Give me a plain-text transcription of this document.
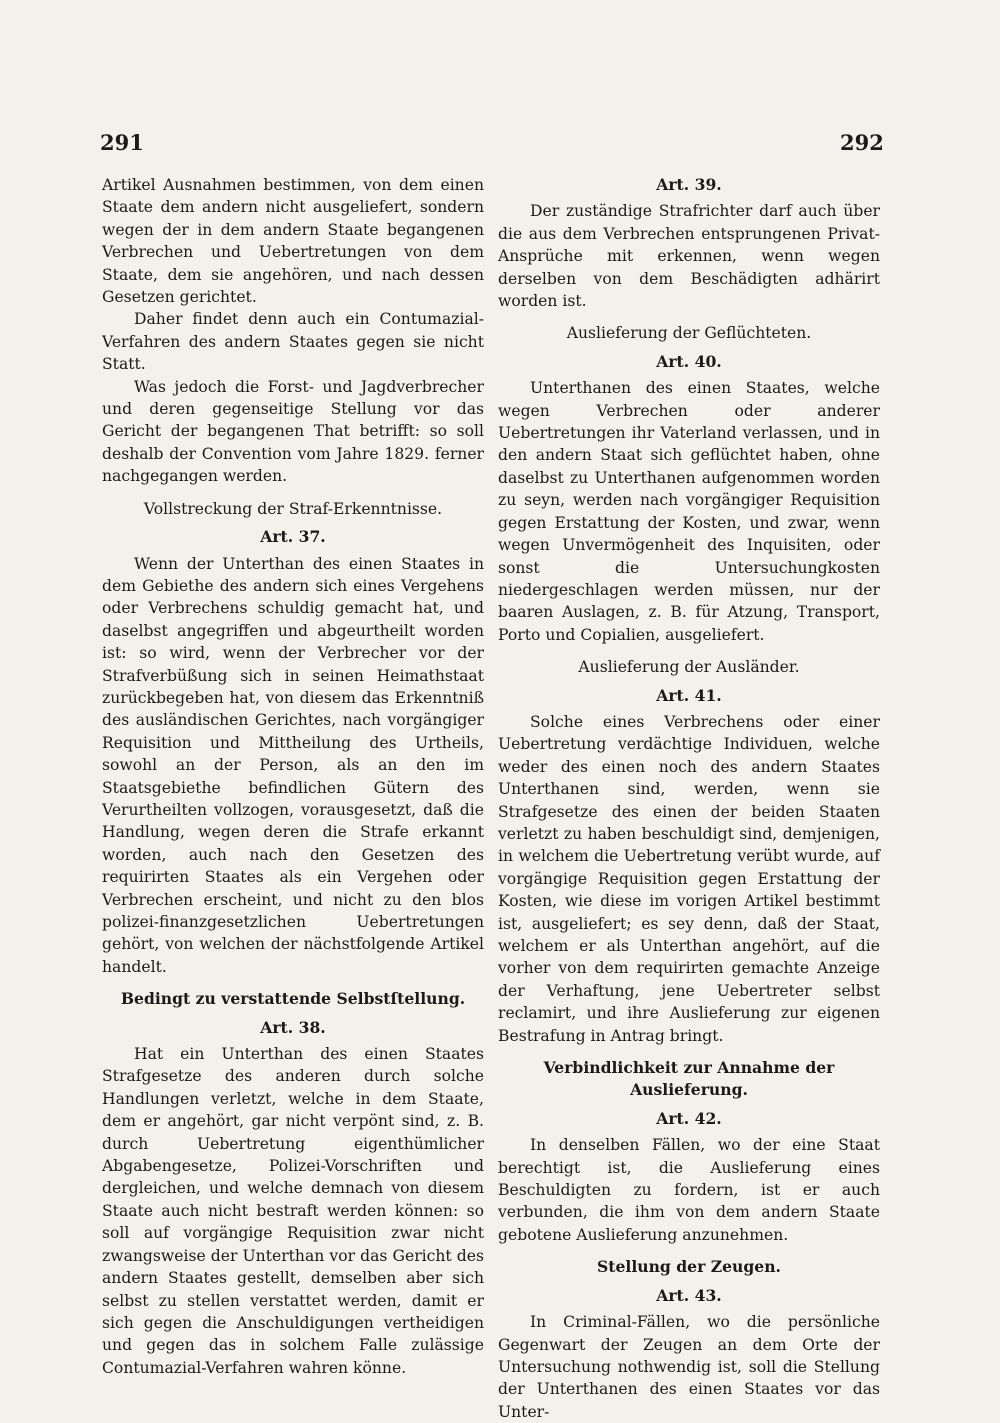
291	292

Artikel Ausnahmen bestimmen, von dem einen Staate dem andern nicht ausgeliefert, sondern wegen der in dem andern Staate begangenen Verbrechen und Uebertretungen von dem Staate, dem sie angehören, und nach dessen Gesetzen gerichtet.

Daher findet denn auch ein Contumazial-Verfahren des andern Staates gegen sie nicht Statt.

Was jedoch die Forst- und Jagdverbrecher und deren gegenseitige Stellung vor das Gericht der begangenen That betrifft: so soll deshalb der Convention vom Jahre 1829. ferner nachgegangen werden.

Vollstreckung der Straf-Erkenntnisse.
Art. 37.

Wenn der Unterthan des einen Staates in dem Gebiethe des andern sich eines Vergehens oder Verbrechens schuldig gemacht hat, und daselbst angegriffen und abgeurtheilt worden ist: so wird, wenn der Verbrecher vor der Strafverbüßung sich in seinen Heimathstaat zurückbegeben hat, von diesem das Erkenntniß des ausländischen Gerichtes, nach vorgängiger Requisition und Mittheilung des Urtheils, sowohl an der Person, als an den im Staatsgebiethe befindlichen Gütern des Verurtheilten vollzogen, vorausgesetzt, daß die Handlung, wegen deren die Strafe erkannt worden, auch nach den Gesetzen des requirirten Staates als ein Vergehen oder Verbrechen erscheint, und nicht zu den blos polizei-finanzgesetzlichen Uebertretungen gehört, von welchen der nächstfolgende Artikel handelt.

Bedingt zu verstattende Selbstſtellung.
Art. 38.

Hat ein Unterthan des einen Staates Strafgesetze des anderen durch solche Handlungen verletzt, welche in dem Staate, dem er angehört, gar nicht verpönt sind, z. B. durch Uebertretung eigenthümlicher Abgabengesetze, Polizei-Vorschriften und dergleichen, und welche demnach von diesem Staate auch nicht bestraft werden können: so soll auf vorgängige Requisition zwar nicht zwangsweise der Unterthan vor das Gericht des andern Staates gestellt, demselben aber sich selbst zu stellen verstattet werden, damit er sich gegen die Anschuldigungen vertheidigen und gegen das in solchem Falle zulässige Contumazial-Verfahren wahren könne.

Art. 39.

Der zuständige Strafrichter darf auch über die aus dem Verbrechen entsprungenen Privat-Ansprüche mit erkennen, wenn wegen derselben von dem Beschädigten adhärirt worden ist.

Auslieferung der Geflüchteten.
Art. 40.

Unterthanen des einen Staates, welche wegen Verbrechen oder anderer Uebertretungen ihr Vaterland verlassen, und in den andern Staat sich geflüchtet haben, ohne daselbst zu Unterthanen aufgenommen worden zu seyn, werden nach vorgängiger Requisition gegen Erstattung der Kosten, und zwar, wenn wegen Unvermögenheit des Inquisiten, oder sonst die Untersuchungkosten niedergeschlagen werden müssen, nur der baaren Auslagen, z. B. für Atzung, Transport, Porto und Copialien, ausgeliefert.

Auslieferung der Ausländer.
Art. 41.

Solche eines Verbrechens oder einer Uebertretung verdächtige Individuen, welche weder des einen noch des andern Staates Unterthanen sind, werden, wenn sie Strafgesetze des einen der beiden Staaten verletzt zu haben beschuldigt sind, demjenigen, in welchem die Uebertretung verübt wurde, auf vorgängige Requisition gegen Erstattung der Kosten, wie diese im vorigen Artikel bestimmt ist, ausgeliefert; es sey denn, daß der Staat, welchem er als Unterthan angehört, auf die vorher von dem requirirten gemachte Anzeige der Verhaftung, jene Uebertreter selbst reclamirt, und ihre Auslieferung zur eigenen Bestrafung in Antrag bringt.

Verbindlichkeit zur Annahme der Auslieferung.
Art. 42.

In denselben Fällen, wo der eine Staat berechtigt ist, die Auslieferung eines Beschuldigten zu fordern, ist er auch verbunden, die ihm von dem andern Staate gebotene Auslieferung anzunehmen.

Stellung der Zeugen.
Art. 43.

In Criminal-Fällen, wo die persönliche Gegenwart der Zeugen an dem Orte der Untersuchung nothwendig ist, soll die Stellung der Unterthanen des einen Staates vor das Unter-
